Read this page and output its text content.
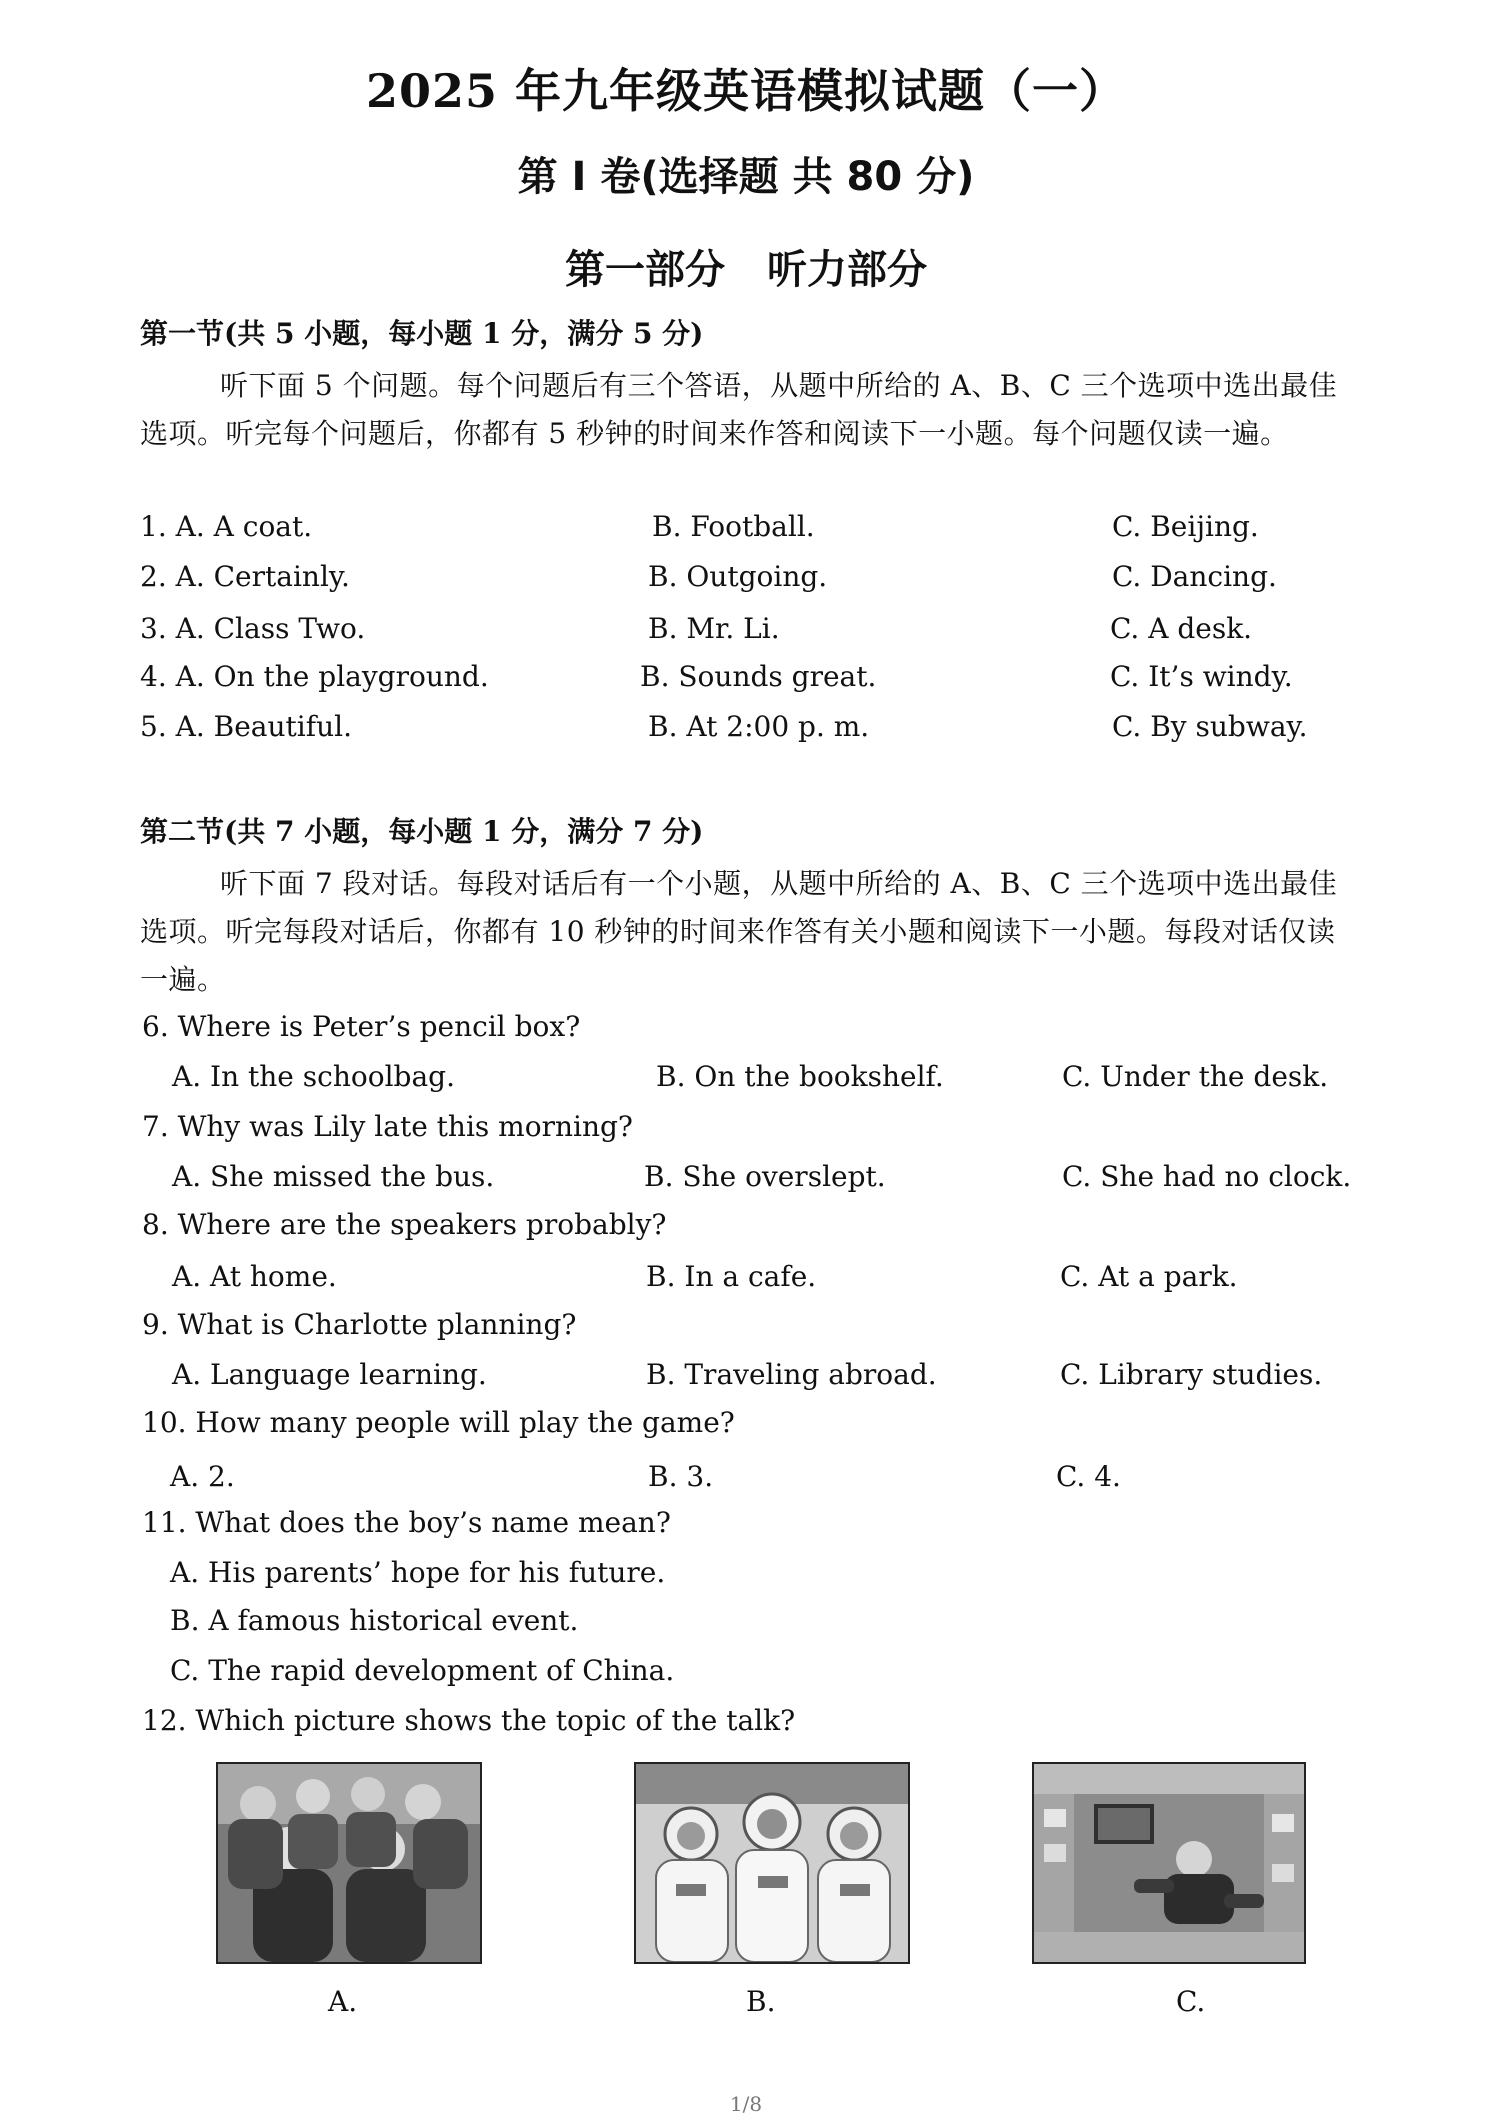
2025 年九年级英语模拟试题（一）
第 I 卷(选择题 共 80 分)
第一部分 听力部分
第一节(共 5 小题，每小题 1 分，满分 5 分)
听下面 5 个问题。每个问题后有三个答语，从题中所给的 A、B、C 三个选项中选出最佳选项。听完每个问题后，你都有 5 秒钟的时间来作答和阅读下一小题。每个问题仅读一遍。
1. A. A coat.	B. Football.	C. Beijing.
2. A. Certainly.	B. Outgoing.	C. Dancing.
3. A. Class Two.	B. Mr. Li.	C. A desk.
4. A. On the playground.	B. Sounds great.	C. It’s windy.
5. A. Beautiful.	B. At 2:00 p. m.	C. By subway.
第二节(共 7 小题，每小题 1 分，满分 7 分)
听下面 7 段对话。每段对话后有一个小题，从题中所给的 A、B、C 三个选项中选出最佳选项。听完每段对话后，你都有 10 秒钟的时间来作答有关小题和阅读下一小题。每段对话仅读一遍。
6. Where is Peter’s pencil box?
A. In the schoolbag.	B. On the bookshelf.	C. Under the desk.
7. Why was Lily late this morning?
A. She missed the bus.	B. She overslept.	C. She had no clock.
8. Where are the speakers probably?
A. At home.	B. In a cafe.	C. At a park.
9. What is Charlotte planning?
A. Language learning.	B. Traveling abroad.	C. Library studies.
10. How many people will play the game?
A. 2.	B. 3.	C. 4.
11. What does the boy’s name mean?
A. His parents’ hope for his future.
B. A famous historical event.
C. The rapid development of China.
12. Which picture shows the topic of the talk?
A.	B.	C.
1/8
